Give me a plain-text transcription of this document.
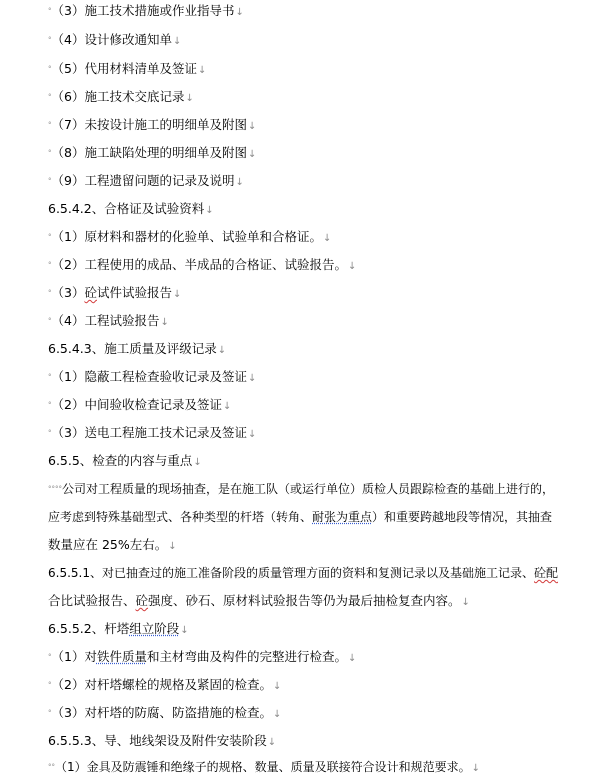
°（3）施工技术措施或作业指导书↓
°（4）设计修改通知单↓
°（5）代用材料清单及签证↓
°（6）施工技术交底记录↓
°（7）未按设计施工的明细单及附图↓
°（8）施工缺陷处理的明细单及附图↓
°（9）工程遗留问题的记录及说明↓
6.5.4.2、合格证及试验资料↓
°（1）原材料和器材的化验单、试验单和合格证。↓
°（2）工程使用的成品、半成品的合格证、试验报告。↓
°（3）砼试件试验报告↓
°（4）工程试验报告↓
6.5.4.3、施工质量及评级记录↓
°（1）隐蔽工程检查验收记录及签证↓
°（2）中间验收检查记录及签证↓
°（3）送电工程施工技术记录及签证↓
6.5.5、检查的内容与重点↓
°°°°公司对工程质量的现场抽查，是在施工队（或运行单位）质检人员跟踪检查的基础上进行的，
应考虑到特殊基础型式、各种类型的杆塔（转角、耐张为重点）和重要跨越地段等情况，其抽查
数量应在 25%左右。↓
6.5.5.1、对已抽查过的施工准备阶段的质量管理方面的资料和复测记录以及基础施工记录、砼配
合比试验报告、砼强度、砂石、原材料试验报告等仍为最后抽检复查内容。↓
6.5.5.2、杆塔组立阶段↓
°（1）对铁件质量和主材弯曲及构件的完整进行检查。↓
°（2）对杆塔螺栓的规格及紧固的检查。↓
°（3）对杆塔的防腐、防盗措施的检查。↓
6.5.5.3、导、地线架设及附件安装阶段↓
°°（1）金具及防震锤和绝缘子的规格、数量、质量及联接符合设计和规范要求。↓
